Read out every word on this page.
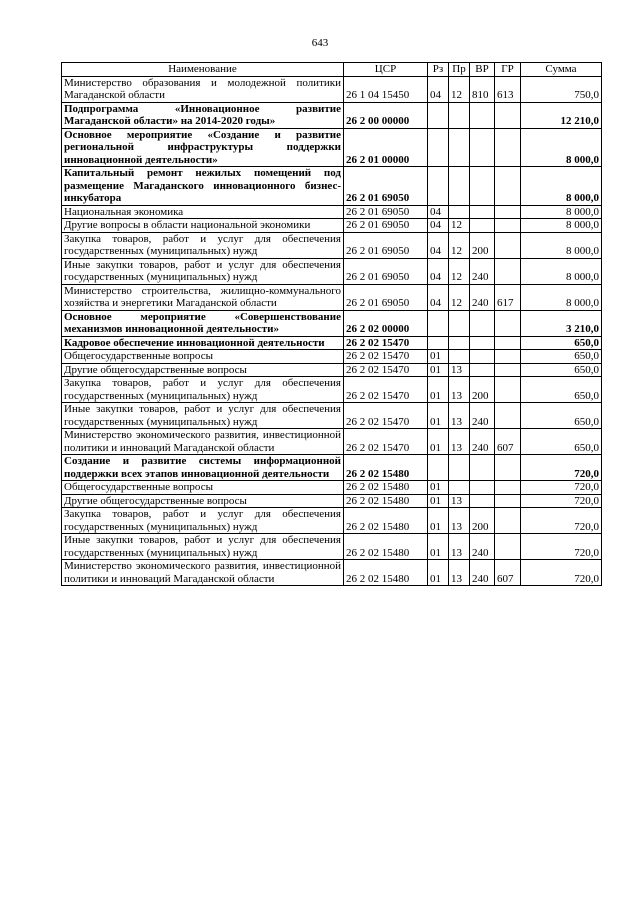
643
Наименование	ЦСР	Рз	Пр	ВР	ГР	Сумма
Министерство образования и молодежной политики Магаданской области	26 1 04 15450	04	12	810	613	750,0
Подпрограмма «Инновационное развитие Магаданской области» на 2014-2020 годы»	26 2 00 00000					12 210,0
Основное мероприятие «Создание и развитие региональной инфраструктуры поддержки инновационной деятельности»	26 2 01 00000					8 000,0
Капитальный ремонт нежилых помещений под размещение Магаданского инновационного бизнес-инкубатора	26 2 01 69050					8 000,0
Национальная экономика	26 2 01 69050	04				8 000,0
Другие вопросы в области национальной экономики	26 2 01 69050	04	12			8 000,0
Закупка товаров, работ и услуг для обеспечения государственных (муниципальных) нужд	26 2 01 69050	04	12	200		8 000,0
Иные закупки товаров, работ и услуг для обеспечения государственных (муниципальных) нужд	26 2 01 69050	04	12	240		8 000,0
Министерство строительства, жилищно-коммунального хозяйства и энергетики Магаданской области	26 2 01 69050	04	12	240	617	8 000,0
Основное мероприятие «Совершенствование механизмов инновационной деятельности»	26 2 02 00000					3 210,0
Кадровое обеспечение инновационной деятельности	26 2 02 15470					650,0
Общегосударственные вопросы	26 2 02 15470	01				650,0
Другие общегосударственные вопросы	26 2 02 15470	01	13			650,0
Закупка товаров, работ и услуг для обеспечения государственных (муниципальных) нужд	26 2 02 15470	01	13	200		650,0
Иные закупки товаров, работ и услуг для обеспечения государственных (муниципальных) нужд	26 2 02 15470	01	13	240		650,0
Министерство экономического развития, инвестиционной политики и инноваций Магаданской области	26 2 02 15470	01	13	240	607	650,0
Создание и развитие системы информационной поддержки всех этапов инновационной деятельности	26 2 02 15480					720,0
Общегосударственные вопросы	26 2 02 15480	01				720,0
Другие общегосударственные вопросы	26 2 02 15480	01	13			720,0
Закупка товаров, работ и услуг для обеспечения государственных (муниципальных) нужд	26 2 02 15480	01	13	200		720,0
Иные закупки товаров, работ и услуг для обеспечения государственных (муниципальных) нужд	26 2 02 15480	01	13	240		720,0
Министерство экономического развития, инвестиционной политики и инноваций Магаданской области	26 2 02 15480	01	13	240	607	720,0
